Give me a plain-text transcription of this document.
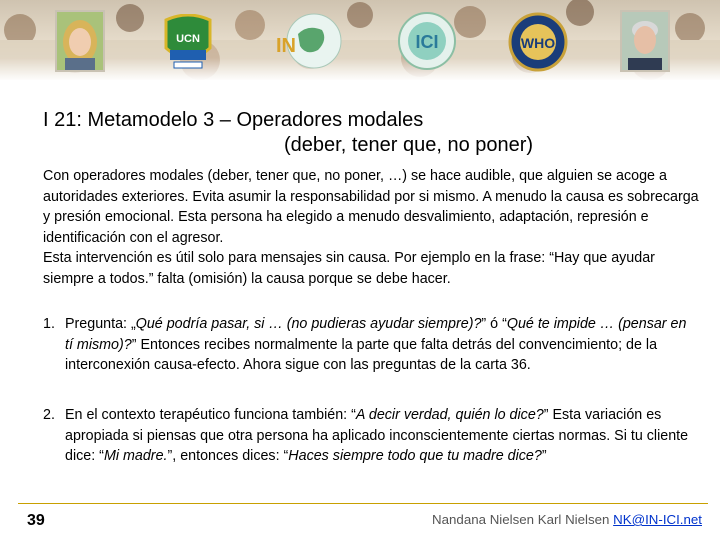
UCN	IN	ICI	WHO
I 21: Metamodelo 3 – Operadores modales
(deber, tener que, no poner)
Con operadores modales (deber, tener que, no poner, …) se hace audible, que alguien se acoge a autoridades exteriores. Evita asumir la responsabilidad por si mismo. A menudo la causa es sobrecarga y presión emocional. Esta persona ha elegido a menudo desvalimiento, adaptación, represión e identificación con el agresor.
Esta intervención es útil solo para mensajes sin causa. Por ejemplo en la frase: “Hay que ayudar siempre a todos.” falta (omisión) la causa porque se debe hacer.
1. Pregunta: „Qué podría pasar, si … (no pudieras ayudar siempre)?” ó “Qué te impide … (pensar en tí mismo)?” Entonces recibes normalmente la parte que falta detrás del convencimiento; de la interconexión causa-efecto. Ahora sigue con las preguntas de la carta 36.
2. En el contexto terapéutico funciona también: “A decir verdad, quién lo dice?” Esta variación es apropiada si piensas que otra persona ha aplicado inconscientemente ciertas normas. Si tu cliente dice: “Mi madre.”, entonces dices: “Haces siempre todo que tu madre dice?”
39	Nandana Nielsen Karl Nielsen NK@IN-ICI.net
